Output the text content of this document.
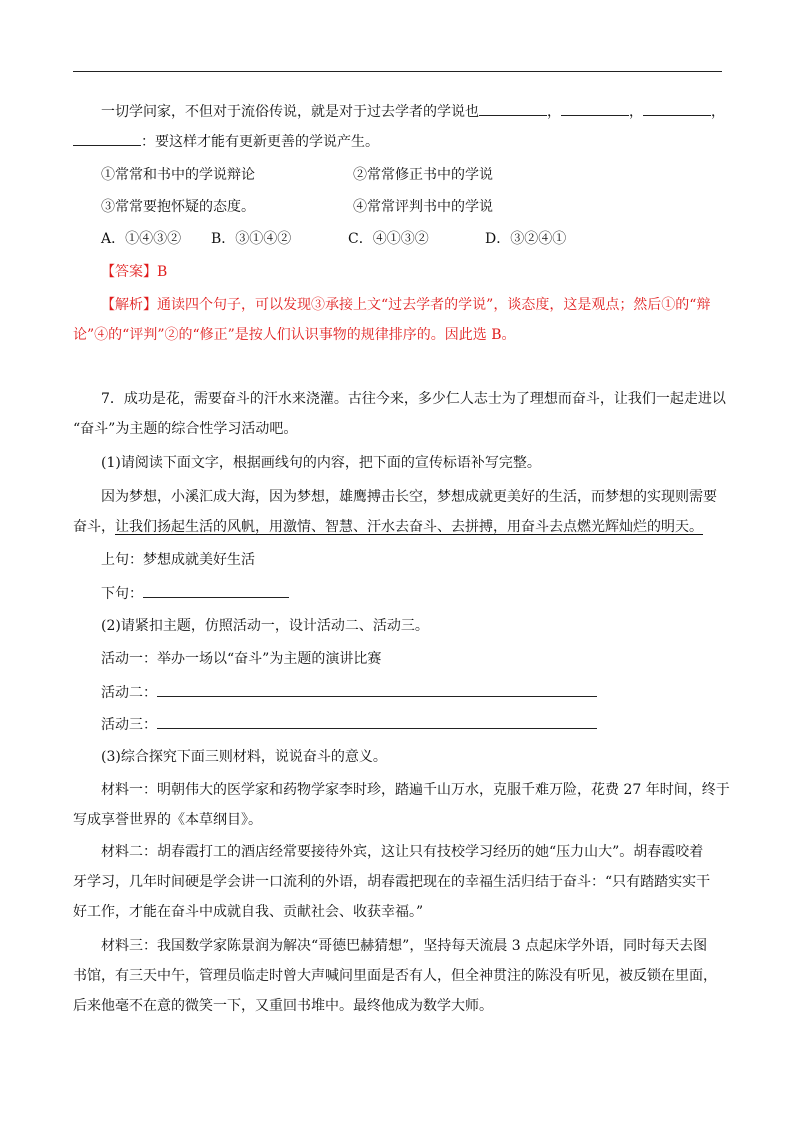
一切学问家，不但对于流俗传说，就是对于过去学者的学说也	，	，	，
：要这样才能有更新更善的学说产生。
①常常和书中的学说辩论	②常常修正书中的学说
③常常要抱怀疑的态度。	④常常评判书中的学说
A．①④③② B．③①④②	C．④①③②	D．③②④①
【答案】B
【解析】通读四个句子，可以发现③承接上文“过去学者的学说”，谈态度，这是观点；然后①的“辩
论”④的“评判”②的“修正”是按人们认识事物的规律排序的。因此选 B。
7．成功是花，需要奋斗的汗水来浇灌。古往今来，多少仁人志士为了理想而奋斗，让我们一起走进以
“奋斗”为主题的综合性学习活动吧。
(1)请阅读下面文字，根据画线句的内容，把下面的宣传标语补写完整。
因为梦想，小溪汇成大海，因为梦想，雄鹰搏击长空，梦想成就更美好的生活，而梦想的实现则需要
奋斗，让我们扬起生活的风帆，用激情、智慧、汗水去奋斗、去拼搏，用奋斗去点燃光辉灿烂的明天。
上句：梦想成就美好生活
下句：
(2)请紧扣主题，仿照活动一，设计活动二、活动三。
活动一：举办一场以“奋斗”为主题的演讲比赛
活动二：
活动三：
(3)综合探究下面三则材料，说说奋斗的意义。
材料一：明朝伟大的医学家和药物学家李时珍，踏遍千山万水，克服千难万险，花费 27 年时间，终于
写成享誉世界的《本草纲目》。
材料二：胡春霞打工的酒店经常要接待外宾，这让只有技校学习经历的她“压力山大”。胡春霞咬着
牙学习，几年时间硬是学会讲一口流利的外语，胡春霞把现在的幸福生活归结于奋斗：“只有踏踏实实干
好工作，才能在奋斗中成就自我、贡献社会、收获幸福。”
材料三：我国数学家陈景润为解决“哥德巴赫猜想”，坚持每天流晨 3 点起床学外语，同时每天去图
书馆，有三天中午，管理员临走时曾大声喊问里面是否有人，但全神贯注的陈没有听见，被反锁在里面，
后来他毫不在意的微笑一下，又重回书堆中。最终他成为数学大师。
